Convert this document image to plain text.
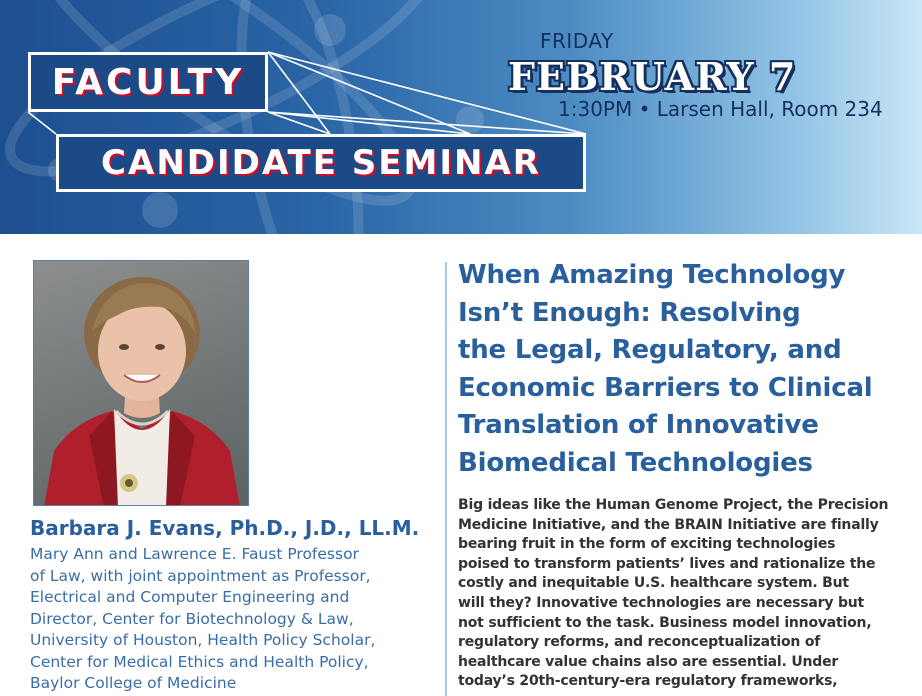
FACULTY
CANDIDATE SEMINAR
FRIDAY
FEBRUARY 7
1:30PM • Larsen Hall, Room 234
Barbara J. Evans, Ph.D., J.D., LL.M.
Mary Ann and Lawrence E. Faust Professor
of Law, with joint appointment as Professor,
Electrical and Computer Engineering and
Director, Center for Biotechnology & Law,
University of Houston, Health Policy Scholar,
Center for Medical Ethics and Health Policy,
Baylor College of Medicine
When Amazing Technology
Isn’t Enough: Resolving
the Legal, Regulatory, and
Economic Barriers to Clinical
Translation of Innovative
Biomedical Technologies
Big ideas like the Human Genome Project, the Precision
Medicine Initiative, and the BRAIN Initiative are finally
bearing fruit in the form of exciting technologies
poised to transform patients’ lives and rationalize the
costly and inequitable U.S. healthcare system. But
will they? Innovative technologies are necessary but
not sufficient to the task. Business model innovation,
regulatory reforms, and reconceptualization of
healthcare value chains also are essential. Under
today’s 20th-century-era regulatory frameworks,
